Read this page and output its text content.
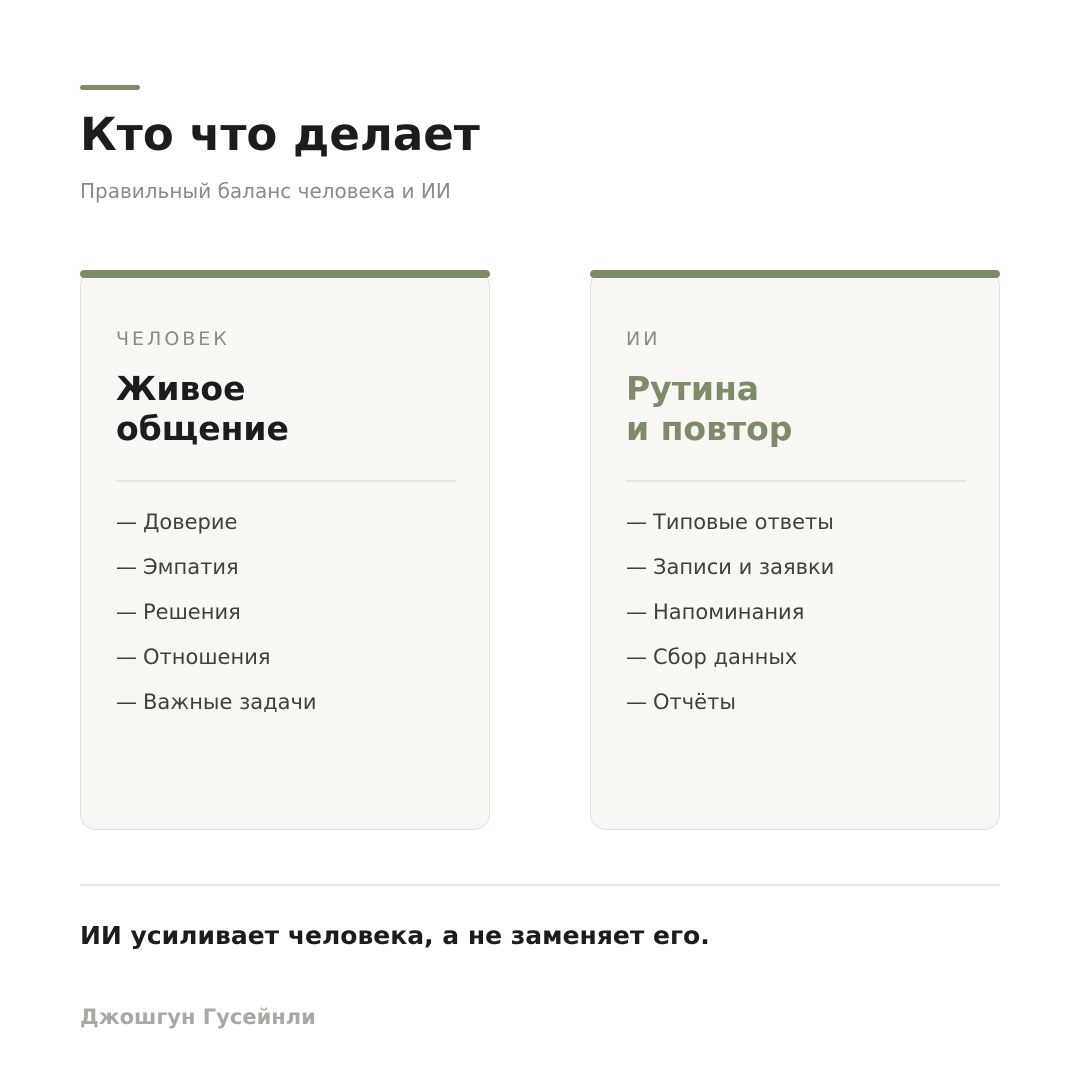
Кто что делает

Правильный баланс человека и ИИ

ЧЕЛОВЕК
Живое
общение
— Доверие
— Эмпатия
— Решения
— Отношения
— Важные задачи
ИИ
Рутина
и повтор
— Типовые ответы
— Записи и заявки
— Напоминания
— Сбор данных
— Отчёты

ИИ усиливает человека, а не заменяет его.

Джошгун Гусейнли
